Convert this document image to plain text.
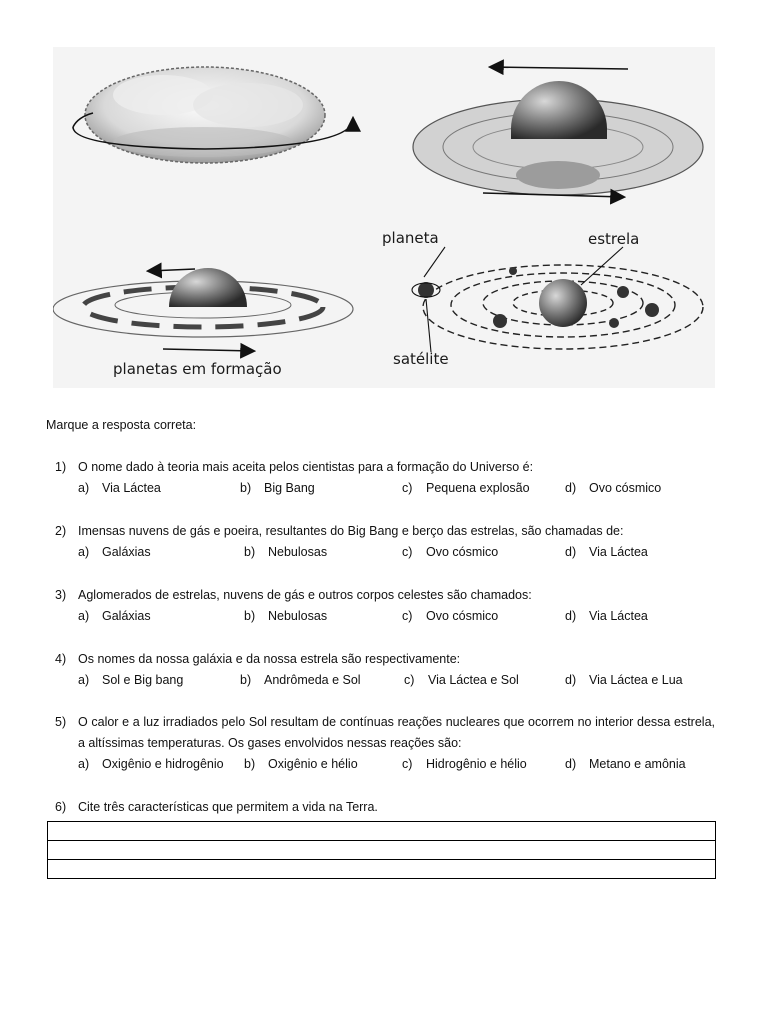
planeta	estrela
satélite
planetas em formação
Marque a resposta correta:
1) O nome dado à teoria mais aceita pelos cientistas para a formação do Universo é:
a) Via Láctea	b) Big Bang	c) Pequena explosão	d) Ovo cósmico
2) Imensas nuvens de gás e poeira, resultantes do Big Bang e berço das estrelas, são chamadas de:
a) Galáxias	b) Nebulosas	c) Ovo cósmico	d) Via Láctea
3) Aglomerados de estrelas, nuvens de gás e outros corpos celestes são chamados:
a) Galáxias	b) Nebulosas	c) Ovo cósmico	d) Via Láctea
4) Os nomes da nossa galáxia e da nossa estrela são respectivamente:
a) Sol e Big bang	b) Andrômeda e Sol	c) Via Láctea e Sol	d) Via Láctea e Lua
5) O calor e a luz irradiados pelo Sol resultam de contínuas reações nucleares que ocorrem no interior dessa estrela, a altíssimas temperaturas. Os gases envolvidos nessas reações são:
a) Oxigênio e hidrogênio b) Oxigênio e hélio	c) Hidrogênio e hélio	d) Metano e amônia
6) Cite três características que permitem a vida na Terra.
